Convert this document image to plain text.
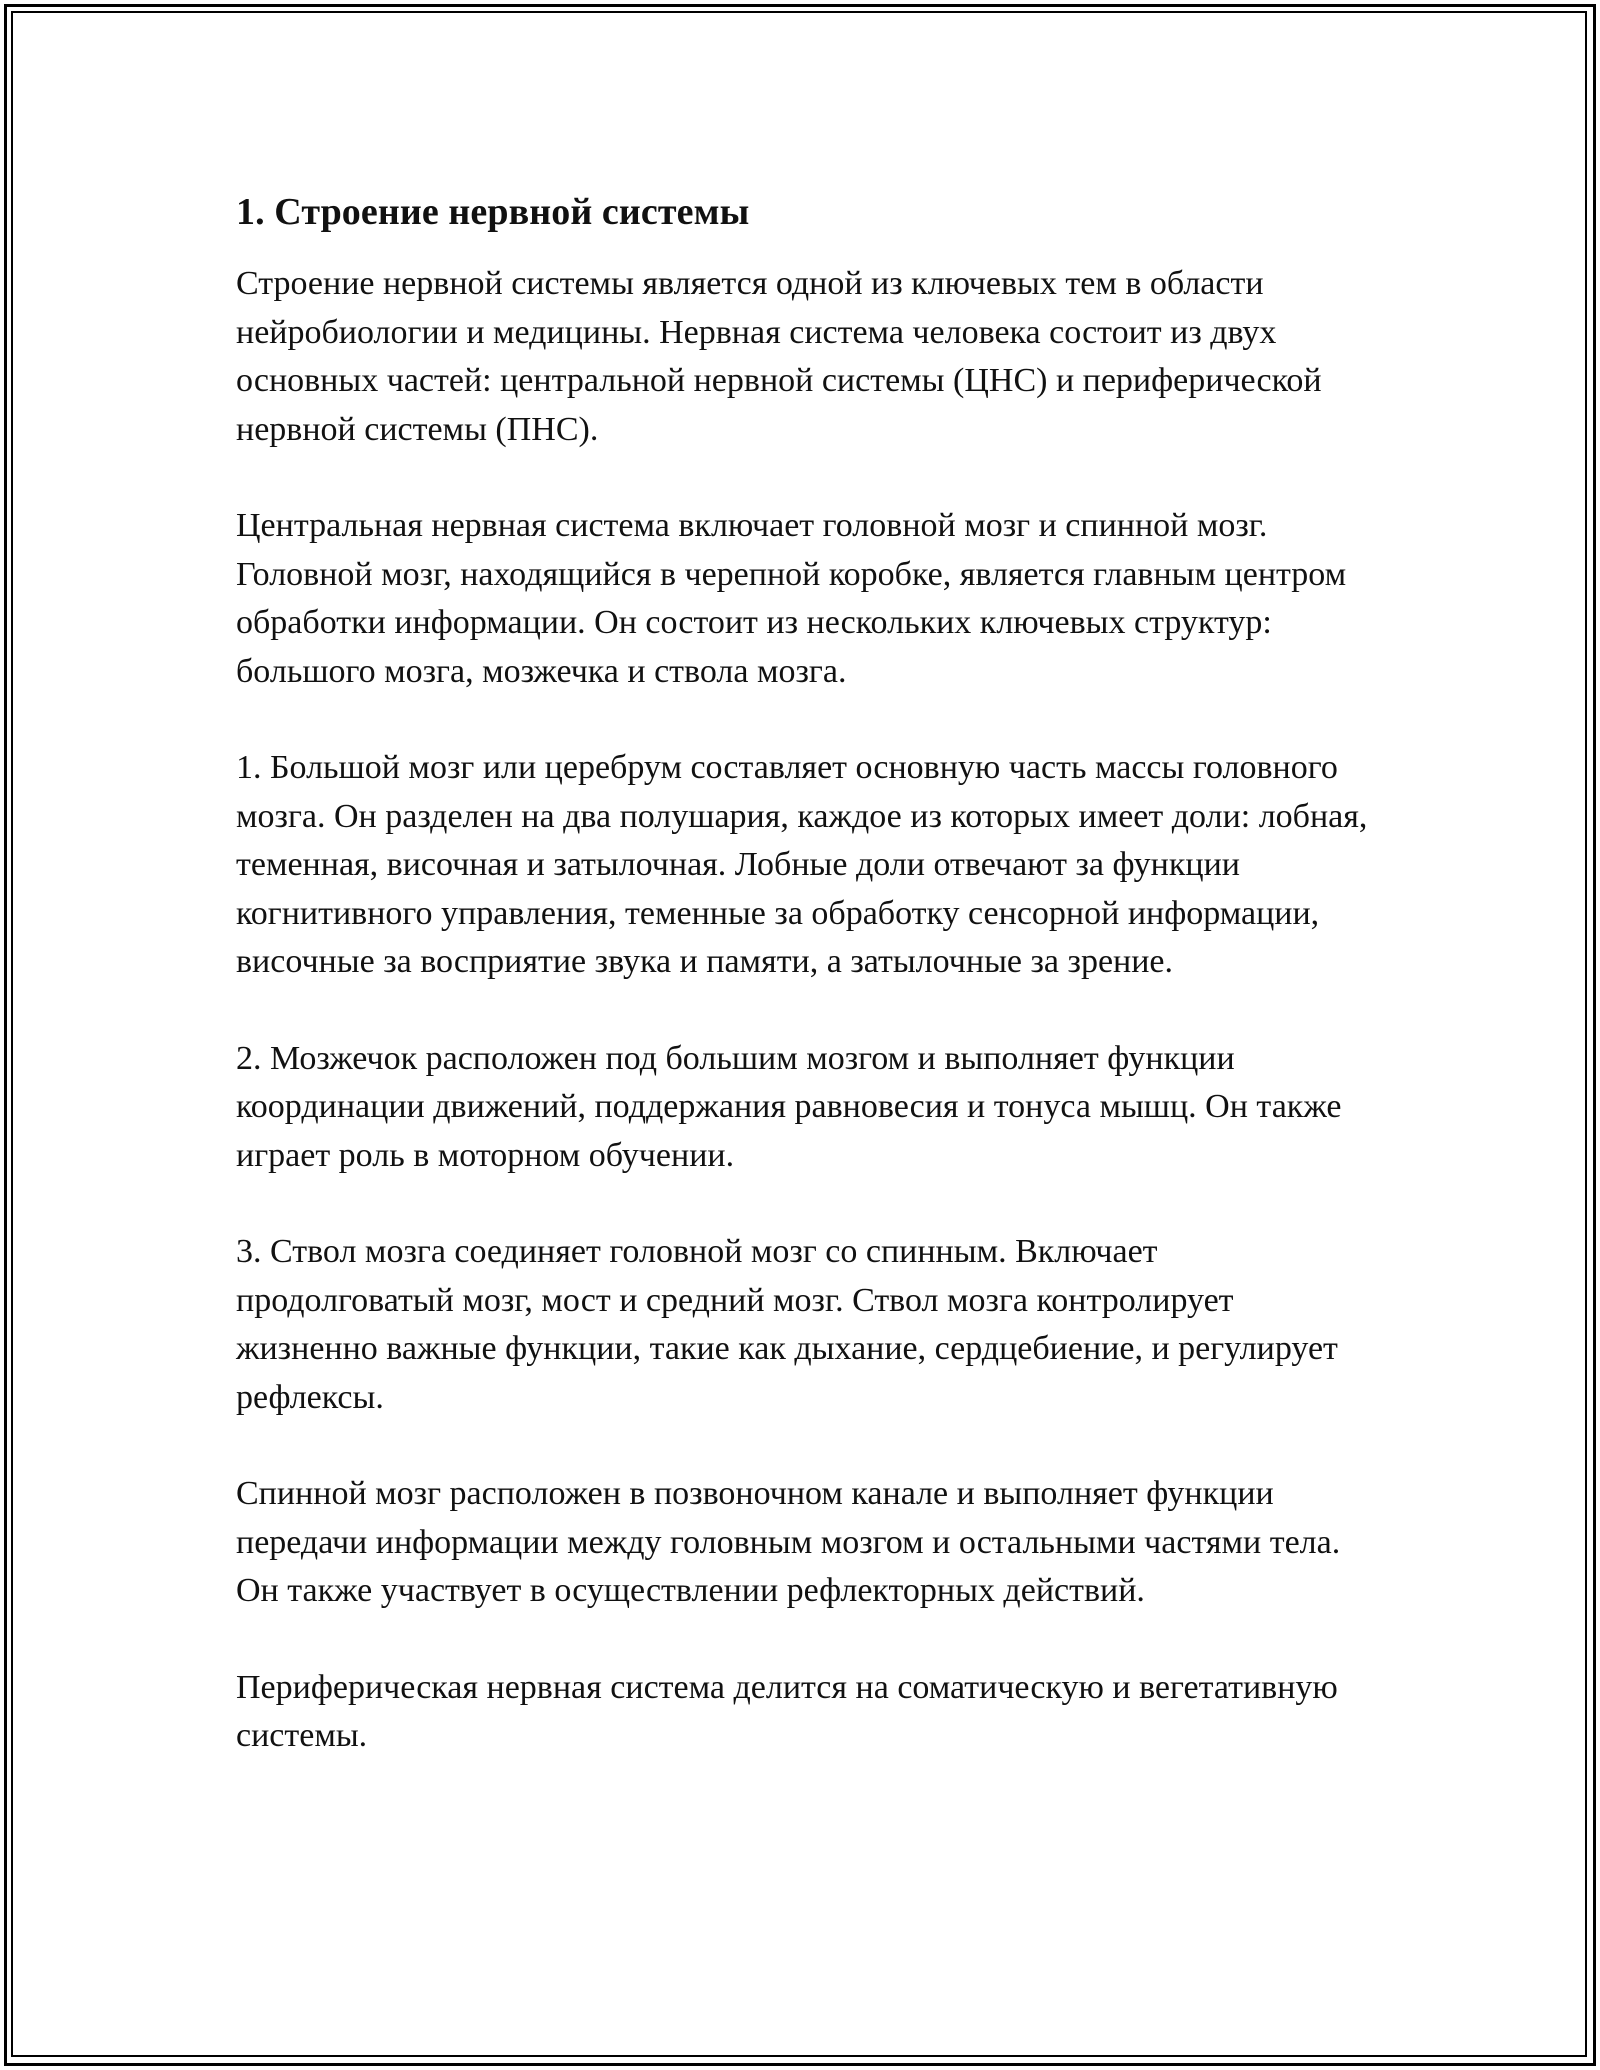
1. Строение нервной системы

Строение нервной системы является одной из ключевых тем в области нейробиологии и медицины. Нервная система человека состоит из двух основных частей: центральной нервной системы (ЦНС) и периферической нервной системы (ПНС).

Центральная нервная система включает головной мозг и спинной мозг. Головной мозг, находящийся в черепной коробке, является главным центром обработки информации. Он состоит из нескольких ключевых структур: большого мозга, мозжечка и ствола мозга.

1. Большой мозг или церебрум составляет основную часть массы головного мозга. Он разделен на два полушария, каждое из которых имеет доли: лобная, теменная, височная и затылочная. Лобные доли отвечают за функции когнитивного управления, теменные за обработку сенсорной информации, височные за восприятие звука и памяти, а затылочные за зрение.

2. Мозжечок расположен под большим мозгом и выполняет функции координации движений, поддержания равновесия и тонуса мышц. Он также играет роль в моторном обучении.

3. Ствол мозга соединяет головной мозг со спинным. Включает продолговатый мозг, мост и средний мозг. Ствол мозга контролирует жизненно важные функции, такие как дыхание, сердцебиение, и регулирует рефлексы.

Спинной мозг расположен в позвоночном канале и выполняет функции передачи информации между головным мозгом и остальными частями тела. Он также участвует в осуществлении рефлекторных действий.

Периферическая нервная система делится на соматическую и вегетативную системы.
